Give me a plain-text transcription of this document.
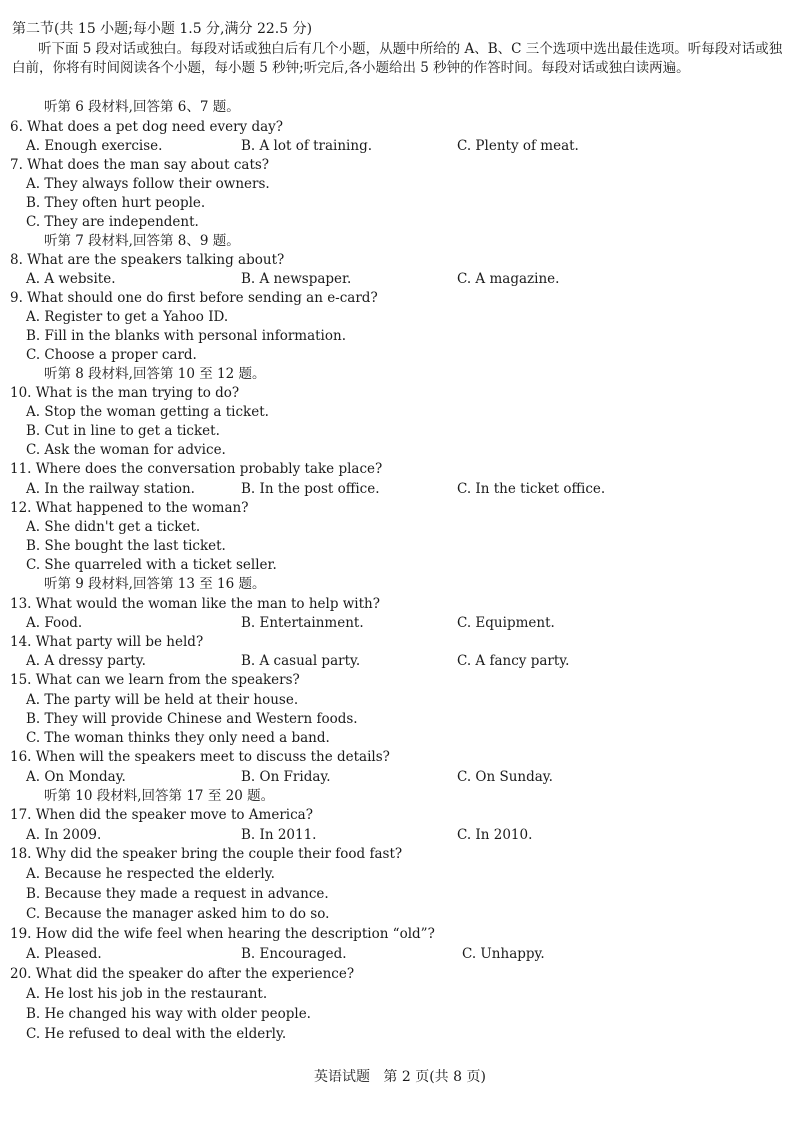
第二节(共 15 小题;每小题 1.5 分,满分 22.5 分)
听下面 5 段对话或独白。每段对话或独白后有几个小题，从题中所给的 A、B、C 三个选项中选出最佳选项。听每段对话或独白前，你将有时间阅读各个小题，每小题 5 秒钟;听完后,各小题给出 5 秒钟的作答时间。每段对话或独白读两遍。
听第 6 段材料,回答第 6、7 题。
6. What does a pet dog need every day?
A. Enough exercise.	B. A lot of training.	C. Plenty of meat.
7. What does the man say about cats?
A. They always follow their owners.
B. They often hurt people.
C. They are independent.
听第 7 段材料,回答第 8、9 题。
8. What are the speakers talking about?
A. A website.	B. A newspaper.	C. A magazine.
9. What should one do first before sending an e-card?
A. Register to get a Yahoo ID.
B. Fill in the blanks with personal information.
C. Choose a proper card.
听第 8 段材料,回答第 10 至 12 题。
10. What is the man trying to do?
A. Stop the woman getting a ticket.
B. Cut in line to get a ticket.
C. Ask the woman for advice.
11. Where does the conversation probably take place?
A. In the railway station.	B. In the post office.	C. In the ticket office.
12. What happened to the woman?
A. She didn't get a ticket.
B. She bought the last ticket.
C. She quarreled with a ticket seller.
听第 9 段材料,回答第 13 至 16 题。
13. What would the woman like the man to help with?
A. Food.	B. Entertainment.	C. Equipment.
14. What party will be held?
A. A dressy party.	B. A casual party.	C. A fancy party.
15. What can we learn from the speakers?
A. The party will be held at their house.
B. They will provide Chinese and Western foods.
C. The woman thinks they only need a band.
16. When will the speakers meet to discuss the details?
A. On Monday.	B. On Friday.	C. On Sunday.
听第 10 段材料,回答第 17 至 20 题。
17. When did the speaker move to America?
A. In 2009.	B. In 2011.	C. In 2010.
18. Why did the speaker bring the couple their food fast?
A. Because he respected the elderly.
B. Because they made a request in advance.
C. Because the manager asked him to do so.
19. How did the wife feel when hearing the description “old”?
A. Pleased.	B. Encouraged.	C. Unhappy.
20. What did the speaker do after the experience?
A. He lost his job in the restaurant.
B. He changed his way with older people.
C. He refused to deal with the elderly.
英语试题 第 2 页(共 8 页)
